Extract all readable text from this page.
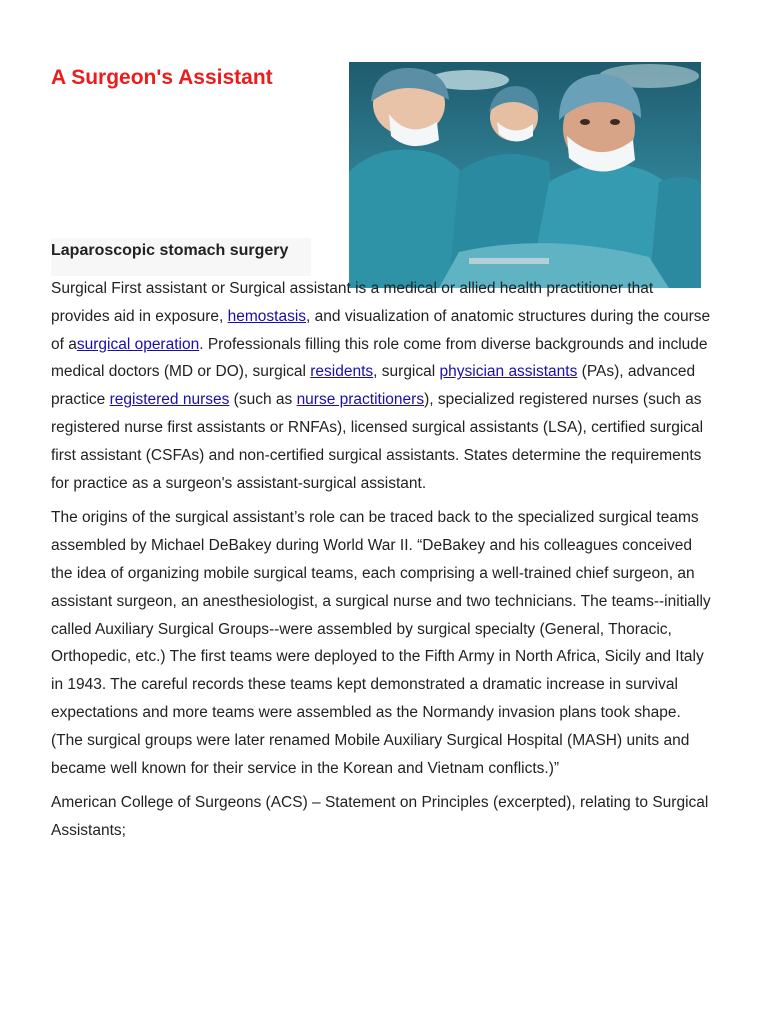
A Surgeon's Assistant
Laparoscopic stomach surgery

Surgical First assistant or Surgical assistant is a medical or allied health practitioner that provides aid in exposure, hemostasis, and visualization of anatomic structures during the course of asurgical operation. Professionals filling this role come from diverse backgrounds and include medical doctors (MD or DO), surgical residents, surgical physician assistants (PAs), advanced practice registered nurses (such as nurse practitioners), specialized registered nurses (such as registered nurse first assistants or RNFAs), licensed surgical assistants (LSA), certified surgical first assistant (CSFAs) and non-certified surgical assistants. States determine the requirements for practice as a surgeon's assistant-surgical assistant.

The origins of the surgical assistant’s role can be traced back to the specialized surgical teams assembled by Michael DeBakey during World War II. “DeBakey and his colleagues conceived the idea of organizing mobile surgical teams, each comprising a well-trained chief surgeon, an assistant surgeon, an anesthesiologist, a surgical nurse and two technicians. The teams--initially called Auxiliary Surgical Groups--were assembled by surgical specialty (General, Thoracic, Orthopedic, etc.) The first teams were deployed to the Fifth Army in North Africa, Sicily and Italy in 1943. The careful records these teams kept demonstrated a dramatic increase in survival expectations and more teams were assembled as the Normandy invasion plans took shape. (The surgical groups were later renamed Mobile Auxiliary Surgical Hospital (MASH) units and became well known for their service in the Korean and Vietnam conflicts.)”

American College of Surgeons (ACS) – Statement on Principles (excerpted), relating to Surgical Assistants;
